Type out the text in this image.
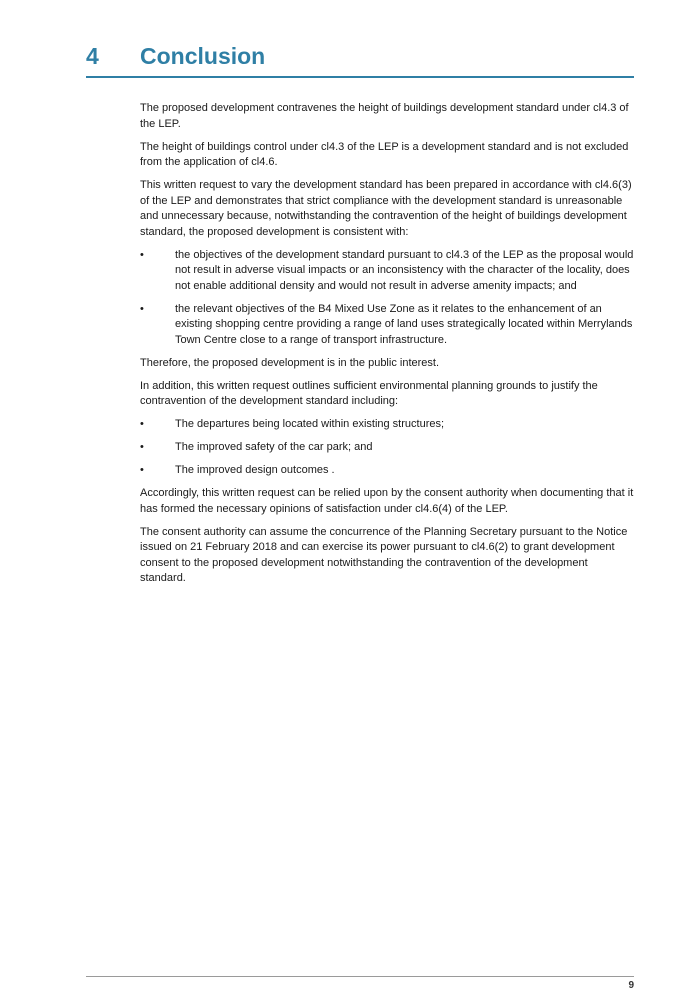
4 Conclusion

The proposed development contravenes the height of buildings development standard under cl4.3 of the LEP.

The height of buildings control under cl4.3 of the LEP is a development standard and is not excluded from the application of cl4.6.

This written request to vary the development standard has been prepared in accordance with cl4.6(3) of the LEP and demonstrates that strict compliance with the development standard is unreasonable and unnecessary because, notwithstanding the contravention of the height of buildings development standard, the proposed development is consistent with:

•	the objectives of the development standard pursuant to cl4.3 of the LEP as the proposal would not result in adverse visual impacts or an inconsistency with the character of the locality, does not enable additional density and would not result in adverse amenity impacts; and
•	the relevant objectives of the B4 Mixed Use Zone as it relates to the enhancement of an existing shopping centre providing a range of land uses strategically located within Merrylands Town Centre close to a range of transport infrastructure.

Therefore, the proposed development is in the public interest.

In addition, this written request outlines sufficient environmental planning grounds to justify the contravention of the development standard including:

•	The departures being located within existing structures;
•	The improved safety of the car park; and
•	The improved design outcomes .

Accordingly, this written request can be relied upon by the consent authority when documenting that it has formed the necessary opinions of satisfaction under cl4.6(4) of the LEP.

The consent authority can assume the concurrence of the Planning Secretary pursuant to the Notice issued on 21 February 2018 and can exercise its power pursuant to cl4.6(2) to grant development consent to the proposed development notwithstanding the contravention of the development standard.

9
